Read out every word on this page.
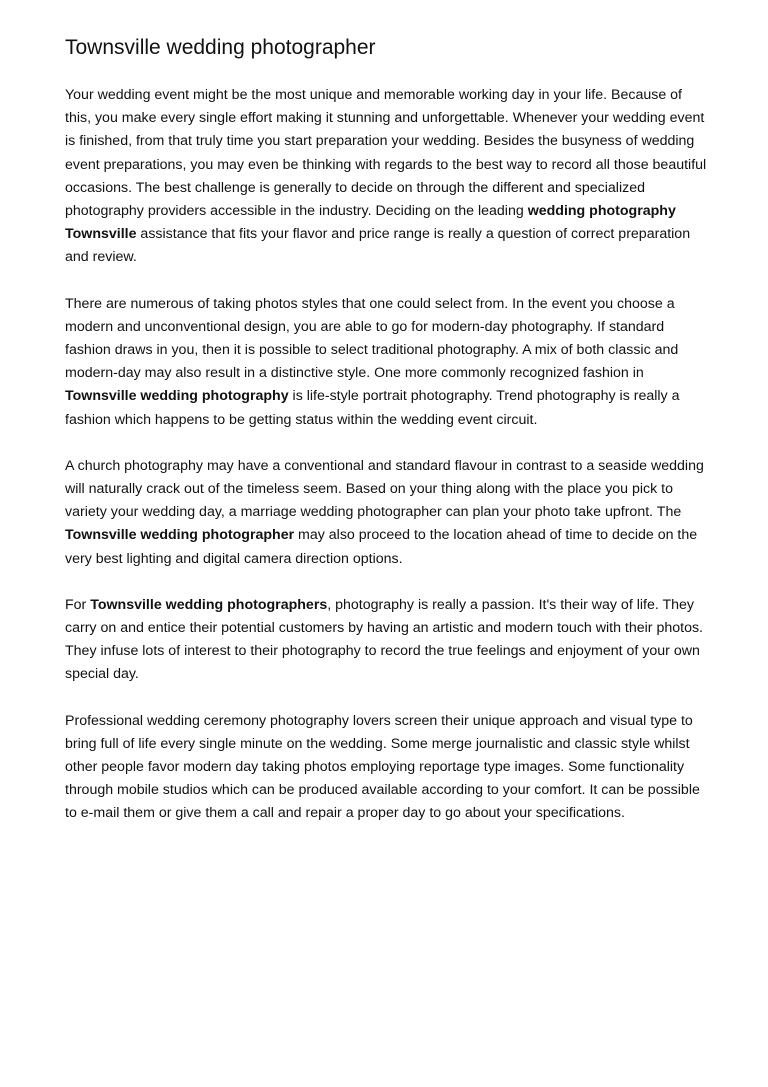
Townsville wedding photographer

Your wedding event might be the most unique and memorable working day in your life. Because of this, you make every single effort making it stunning and unforgettable. Whenever your wedding event is finished, from that truly time you start preparation your wedding. Besides the busyness of wedding event preparations, you may even be thinking with regards to the best way to record all those beautiful occasions. The best challenge is generally to decide on through the different and specialized photography providers accessible in the industry. Deciding on the leading wedding photography Townsville assistance that fits your flavor and price range is really a question of correct preparation and review.

There are numerous of taking photos styles that one could select from. In the event you choose a modern and unconventional design, you are able to go for modern-day photography. If standard fashion draws in you, then it is possible to select traditional photography. A mix of both classic and modern-day may also result in a distinctive style. One more commonly recognized fashion in Townsville wedding photography is life-style portrait photography. Trend photography is really a fashion which happens to be getting status within the wedding event circuit.

A church photography may have a conventional and standard flavour in contrast to a seaside wedding will naturally crack out of the timeless seem. Based on your thing along with the place you pick to variety your wedding day, a marriage wedding photographer can plan your photo take upfront. The Townsville wedding photographer may also proceed to the location ahead of time to decide on the very best lighting and digital camera direction options.

For Townsville wedding photographers, photography is really a passion. It's their way of life. They carry on and entice their potential customers by having an artistic and modern touch with their photos. They infuse lots of interest to their photography to record the true feelings and enjoyment of your own special day.

Professional wedding ceremony photography lovers screen their unique approach and visual type to bring full of life every single minute on the wedding. Some merge journalistic and classic style whilst other people favor modern day taking photos employing reportage type images. Some functionality through mobile studios which can be produced available according to your comfort. It can be possible to e-mail them or give them a call and repair a proper day to go about your specifications.
